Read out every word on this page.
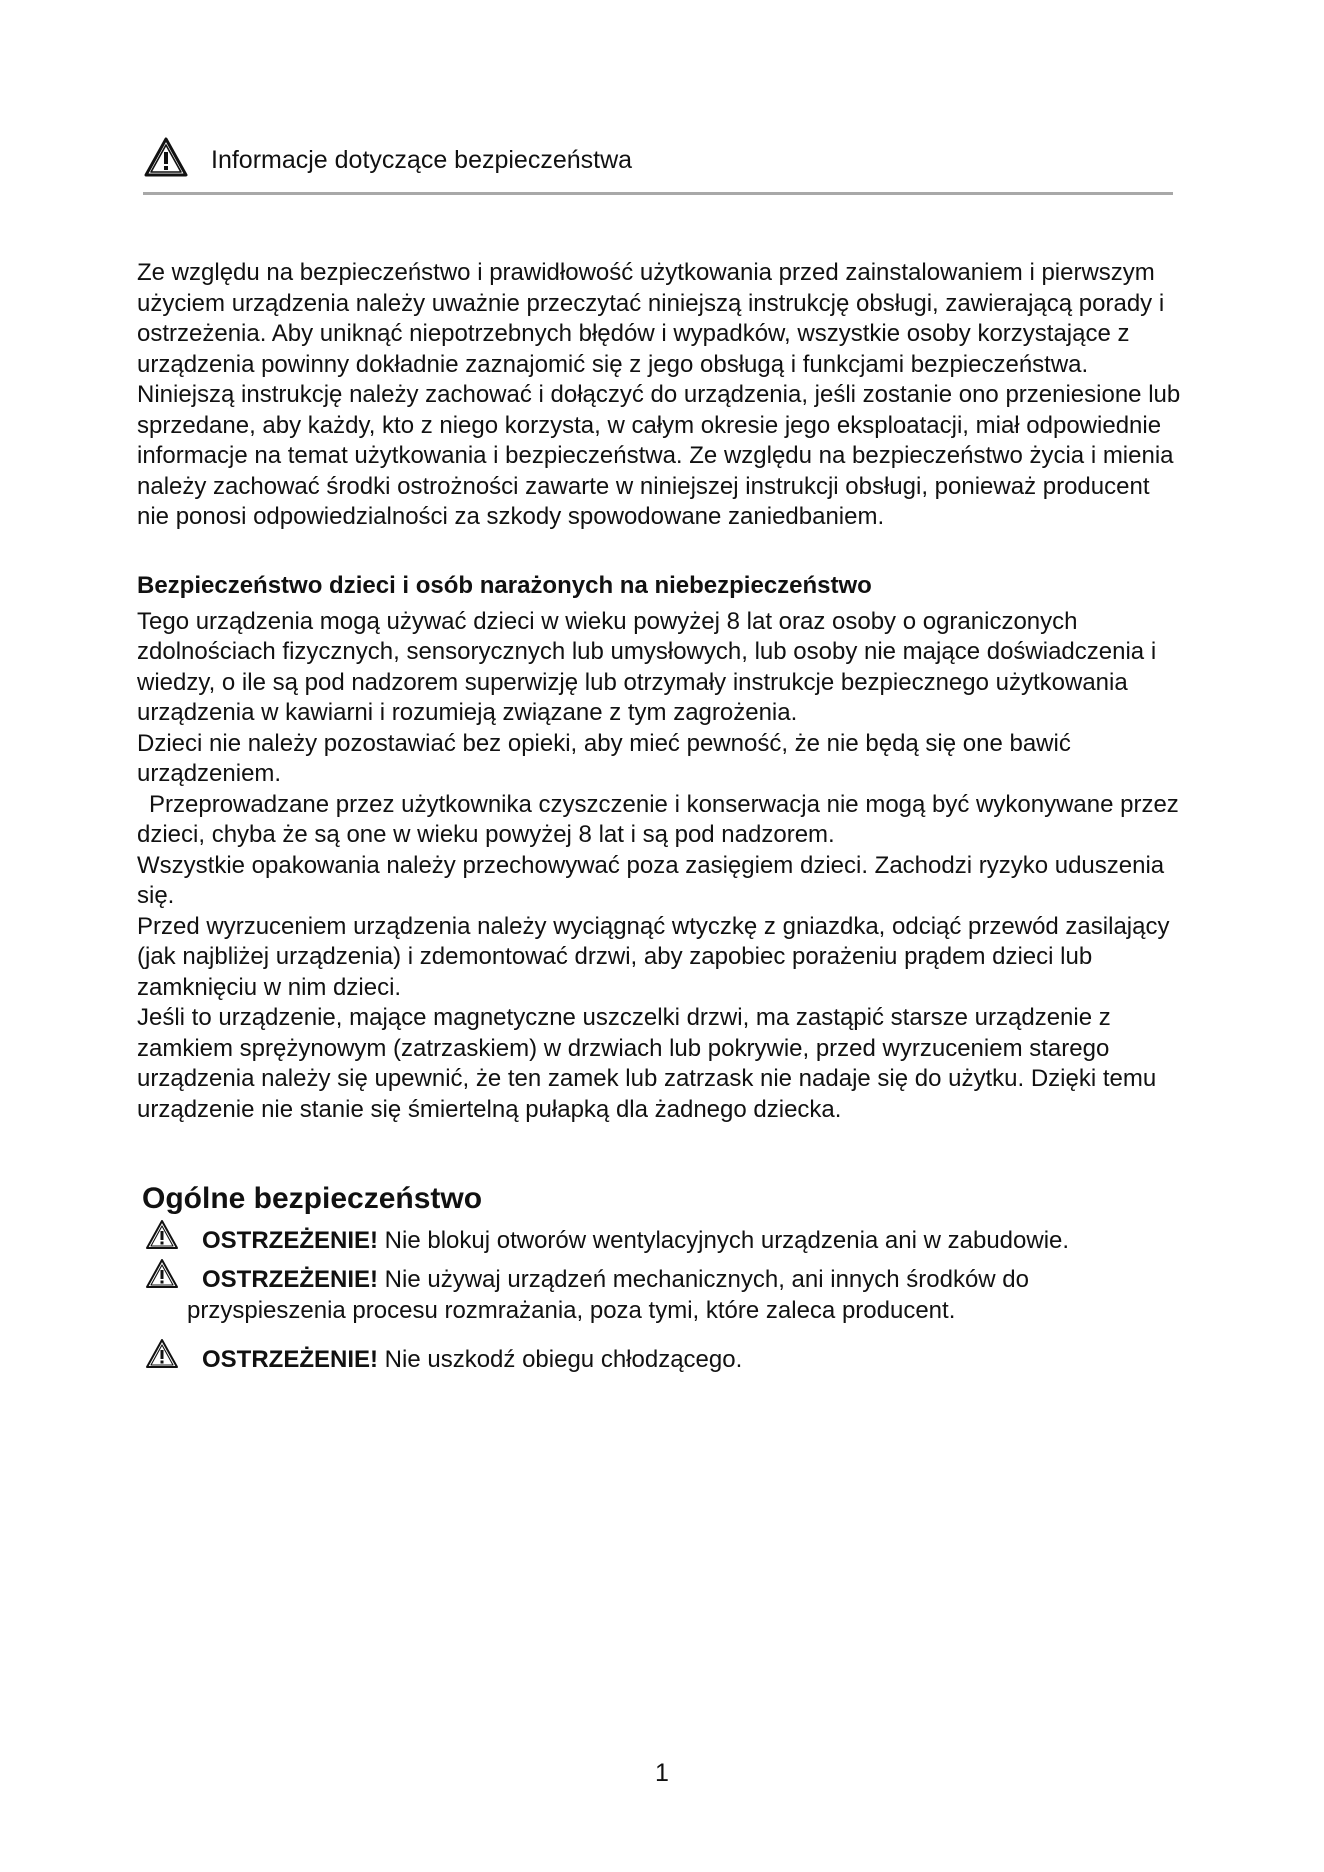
Informacje dotyczące bezpieczeństwa

Ze względu na bezpieczeństwo i prawidłowość użytkowania przed zainstalowaniem i pierwszym użyciem urządzenia należy uważnie przeczytać niniejszą instrukcję obsługi, zawierającą porady i ostrzeżenia. Aby uniknąć niepotrzebnych błędów i wypadków, wszystkie osoby korzystające z urządzenia powinny dokładnie zaznajomić się z jego obsługą i funkcjami bezpieczeństwa. Niniejszą instrukcję należy zachować i dołączyć do urządzenia, jeśli zostanie ono przeniesione lub sprzedane, aby każdy, kto z niego korzysta, w całym okresie jego eksploatacji, miał odpowiednie informacje na temat użytkowania i bezpieczeństwa. Ze względu na bezpieczeństwo życia i mienia należy zachować środki ostrożności zawarte w niniejszej instrukcji obsługi, ponieważ producent nie ponosi odpowiedzialności za szkody spowodowane zaniedbaniem.

Bezpieczeństwo dzieci i osób narażonych na niebezpieczeństwo

Tego urządzenia mogą używać dzieci w wieku powyżej 8 lat oraz osoby o ograniczonych zdolnościach fizycznych, sensorycznych lub umysłowych, lub osoby nie mające doświadczenia i wiedzy, o ile są pod nadzorem superwizję lub otrzymały instrukcje bezpiecznego użytkowania urządzenia w kawiarni i rozumieją związane z tym zagrożenia.

Dzieci nie należy pozostawiać bez opieki, aby mieć pewność, że nie będą się one bawić urządzeniem.

Przeprowadzane przez użytkownika czyszczenie i konserwacja nie mogą być wykonywane przez dzieci, chyba że są one w wieku powyżej 8 lat i są pod nadzorem.

Wszystkie opakowania należy przechowywać poza zasięgiem dzieci. Zachodzi ryzyko uduszenia się.

Przed wyrzuceniem urządzenia należy wyciągnąć wtyczkę z gniazdka, odciąć przewód zasilający (jak najbliżej urządzenia) i zdemontować drzwi, aby zapobiec porażeniu prądem dzieci lub zamknięciu w nim dzieci.

Jeśli to urządzenie, mające magnetyczne uszczelki drzwi, ma zastąpić starsze urządzenie z zamkiem sprężynowym (zatrzaskiem) w drzwiach lub pokrywie, przed wyrzuceniem starego urządzenia należy się upewnić, że ten zamek lub zatrzask nie nadaje się do użytku. Dzięki temu urządzenie nie stanie się śmiertelną pułapką dla żadnego dziecka.

Ogólne bezpieczeństwo
OSTRZEŻENIE! Nie blokuj otworów wentylacyjnych urządzenia ani w zabudowie.
OSTRZEŻENIE! Nie używaj urządzeń mechanicznych, ani innych środków do
przyspieszenia procesu rozmrażania, poza tymi, które zaleca producent.
OSTRZEŻENIE! Nie uszkodź obiegu chłodzącego.
1
